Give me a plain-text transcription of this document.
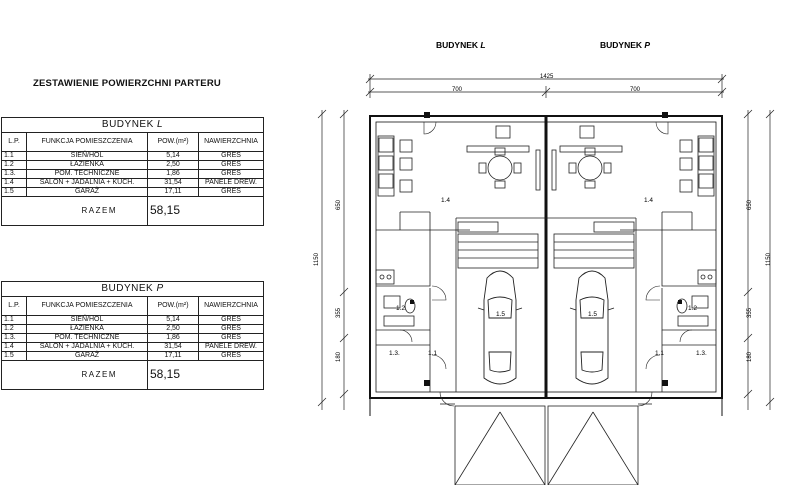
ZESTAWIENIE POWIERZCHNI PARTERU
BUDYNEK L			
L.P.	FUNKCJA POMIESZCZENIA	POW.(m²)	NAWIERZCHNIA
1.1	SIEŃ/HOL	5,14	GRES
1.2	ŁAZIENKA	2,50	GRES
1.3.	POM. TECHNICZNE	1,86	GRES
1.4	SALON + JADALNIA + KUCH.	31,54	PANELE DREW.
1.5	GARAŻ	17,11	GRES
RAZEM		58,15	
BUDYNEK P			
L.P.	FUNKCJA POMIESZCZENIA	POW.(m²)	NAWIERZCHNIA
1.1	SIEŃ/HOL	5,14	GRES
1.2	ŁAZIENKA	2,50	GRES
1.3.	POM. TECHNICZNE	1,86	GRES
1.4	SALON + JADALNIA + KUCH.	31,54	PANELE DREW.
1.5	GARAŻ	17,11	GRES
RAZEM		58,15	
BUDYNEK L	BUDYNEK P
1425
700	700
1150
650
355
180
1150
650
355
180
1.4
1.5
1.2
1.3.	1.1
1.4
1.5
1.2
1.3.
1.1
